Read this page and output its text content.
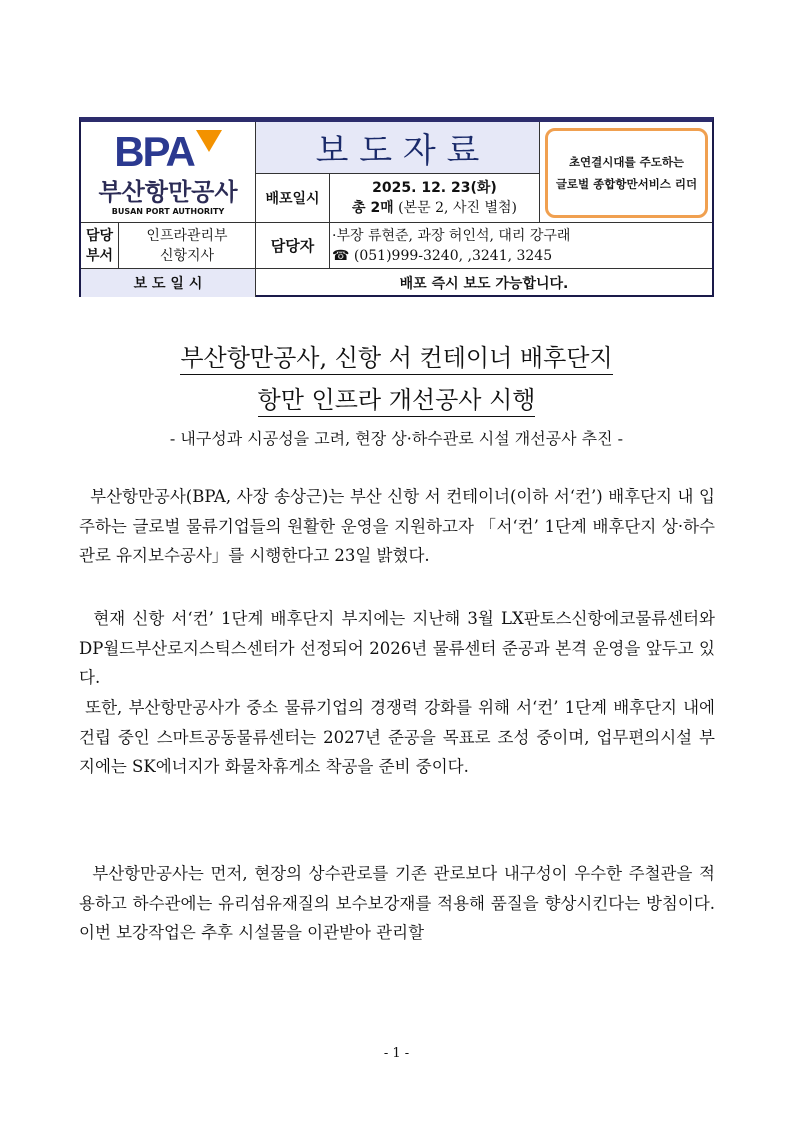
BPA
부산항만공사
BUSAN PORT AUTHORITY
보 도 자 료
배포일시
2025. 12. 23(화)
총 2매 (본문 2, 사진 별첨)
담당
부서
인프라관리부
신항지사
담당자
·부장 류현준, 과장 허인석, 대리 강구래
☎ (051)999-3240, ,3241, 3245
보 도 일 시	배포 즉시 보도 가능합니다.
초연결시대를 주도하는
글로벌 종합항만서비스 리더
부산항만공사, 신항 서 컨테이너 배후단지
항만 인프라 개선공사 시행
- 내구성과 시공성을 고려, 현장 상·하수관로 시설 개선공사 추진 -
부산항만공사(BPA, 사장 송상근)는 부산 신항 서 컨테이너(이하 서‘컨’) 배후단지 내 입주하는 글로벌 물류기업들의 원활한 운영을 지원하고자 「서‘컨’ 1단계 배후단지 상·하수관로 유지보수공사」를 시행한다고 23일 밝혔다.
현재 신항 서‘컨’ 1단계 배후단지 부지에는 지난해 3월 LX판토스신항에코물류센터와 DP월드부산로지스틱스센터가 선정되어 2026년 물류센터 준공과 본격 운영을 앞두고 있다.
또한, 부산항만공사가 중소 물류기업의 경쟁력 강화를 위해 서‘컨’ 1단계 배후단지 내에 건립 중인 스마트공동물류센터는 2027년 준공을 목표로 조성 중이며, 업무편의시설 부지에는 SK에너지가 화물차휴게소 착공을 준비 중이다.
부산항만공사는 먼저, 현장의 상수관로를 기존 관로보다 내구성이 우수한 주철관을 적용하고 하수관에는 유리섬유재질의 보수보강재를 적용해 품질을 향상시킨다는 방침이다. 이번 보강작업은 추후 시설물을 이관받아 관리할
- 1 -
